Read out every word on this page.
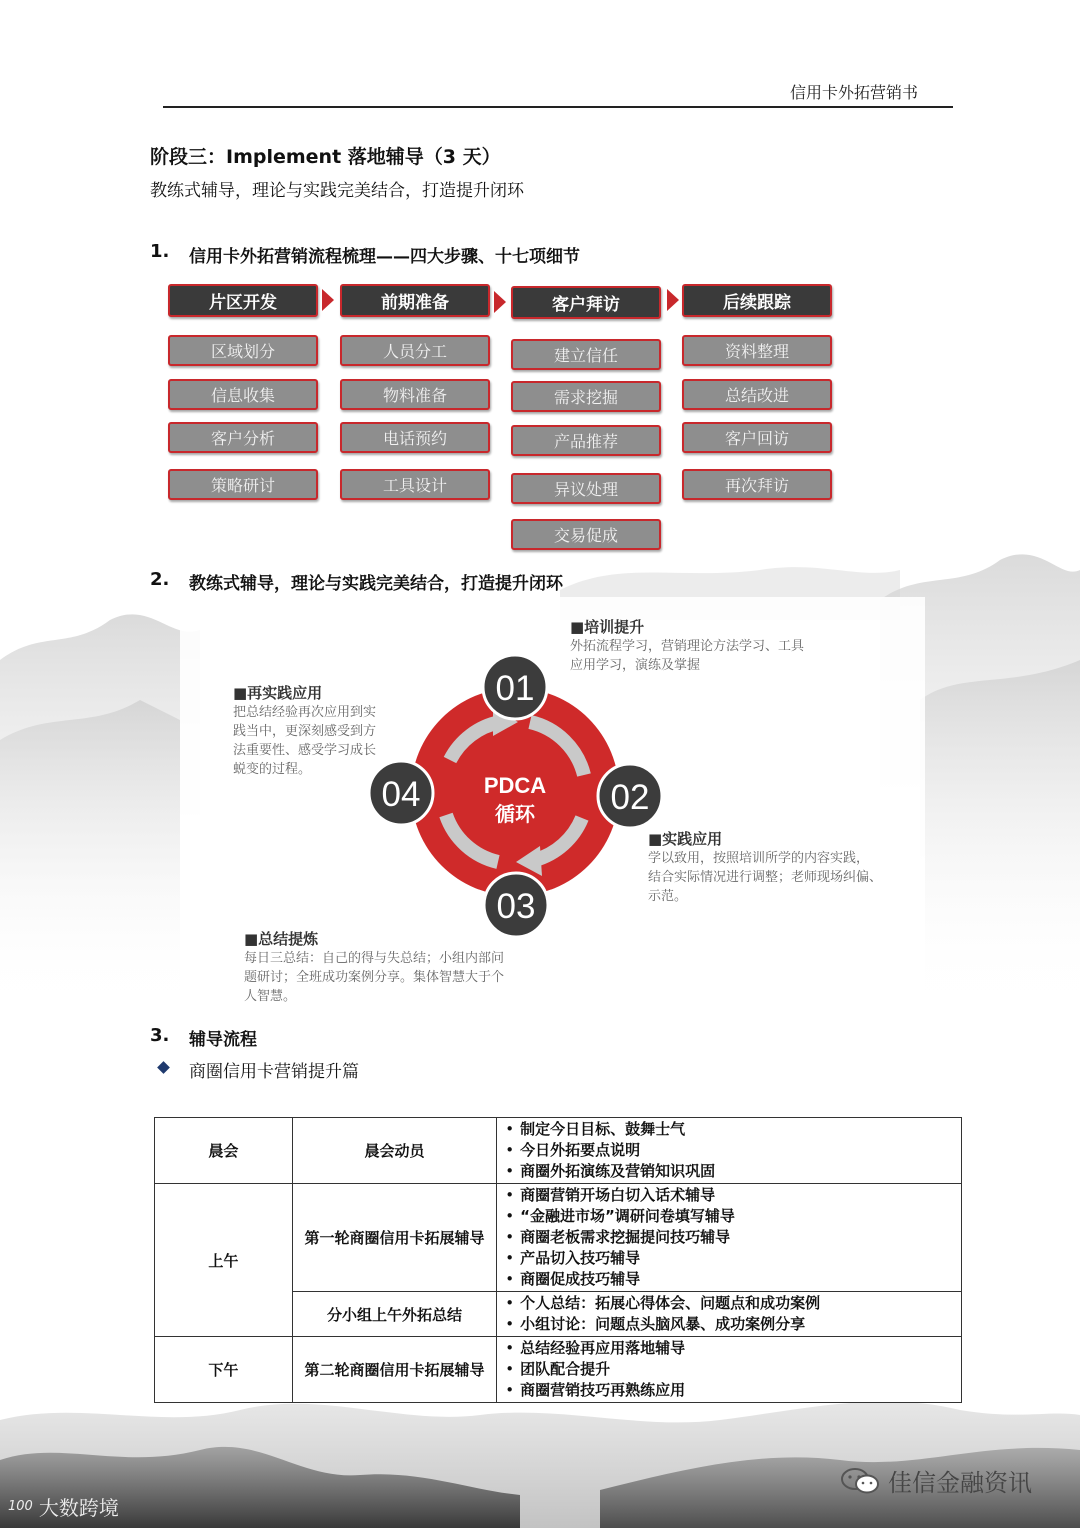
信用卡外拓营销书
阶段三：Implement 落地辅导（3 天）
教练式辅导，理论与实践完美结合，打造提升闭环
1. 信用卡外拓营销流程梳理——四大步骤、十七项细节
片区开发
区域划分
信息收集
客户分析
策略研讨
前期准备
人员分工
物料准备
电话预约
工具设计
客户拜访
建立信任
需求挖掘
产品推荐
异议处理
交易促成
后续跟踪
资料整理
总结改进
客户回访
再次拜访
2. 教练式辅导，理论与实践完美结合，打造提升闭环
PDCA
循环
01
02
03
04
■培训提升
外拓流程学习，营销理论方法学习、工具
应用学习，演练及掌握
■实践应用
学以致用，按照培训所学的内容实践，
结合实际情况进行调整；老师现场纠偏、
示范。
■总结提炼
每日三总结：自己的得与失总结；小组内部问
题研讨；全班成功案例分享。集体智慧大于个
人智慧。
■再实践应用
把总结经验再次应用到实
践当中，更深刻感受到方
法重要性、感受学习成长
蜕变的过程。
3. 辅导流程
商圈信用卡营销提升篇
晨会	晨会动员	• 制定今日目标、鼓舞士气
• 今日外拓要点说明
• 商圈外拓演练及营销知识巩固

上午	第一轮商圈信用卡拓展辅导	• 商圈营销开场白切入话术辅导
• “金融进市场”调研问卷填写辅导
• 商圈老板需求挖掘提问技巧辅导
• 产品切入技巧辅导
• 商圈促成技巧辅导

	分小组上午外拓总结	• 个人总结：拓展心得体会、问题点和成功案例
• 小组讨论：问题点头脑风暴、成功案例分享

下午	第二轮商圈信用卡拓展辅导	• 总结经验再应用落地辅导
• 团队配合提升
• 商圈营销技巧再熟练应用
100 大数跨境
佳信金融资讯
